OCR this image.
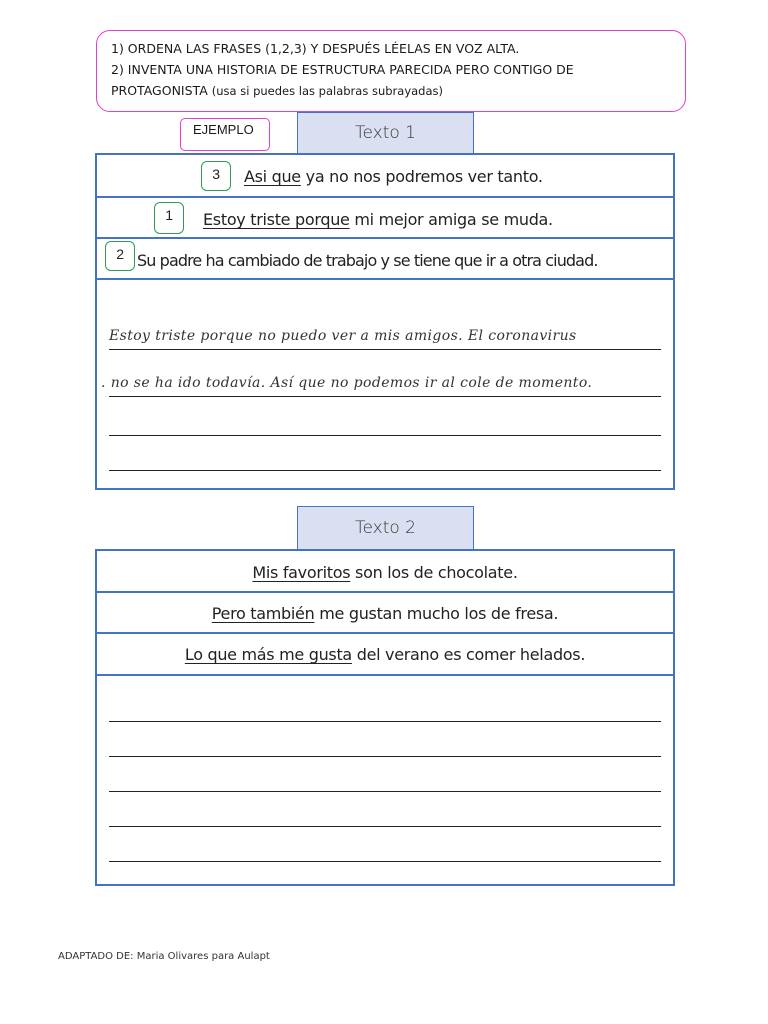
1) ORDENA LAS FRASES (1,2,3) Y DESPUÉS LÉELAS EN VOZ ALTA.
2) INVENTA UNA HISTORIA DE ESTRUCTURA PARECIDA PERO CONTIGO DE
PROTAGONISTA (usa si puedes las palabras subrayadas)
EJEMPLO	Texto 1
3	Asi que ya no nos podremos ver tanto.
1	Estoy triste porque mi mejor amiga se muda.
2 Su padre ha cambiado de trabajo y se tiene que ir a otra ciudad.
Estoy triste porque no puedo ver a mis amigos. El coronavirus
. no se ha ido todavía. Así que no podemos ir al cole de momento.
Texto 2
Mis favoritos son los de chocolate.
Pero también me gustan mucho los de fresa.
Lo que más me gusta del verano es comer helados.
ADAPTADO DE: Maria Olivares para Aulapt
